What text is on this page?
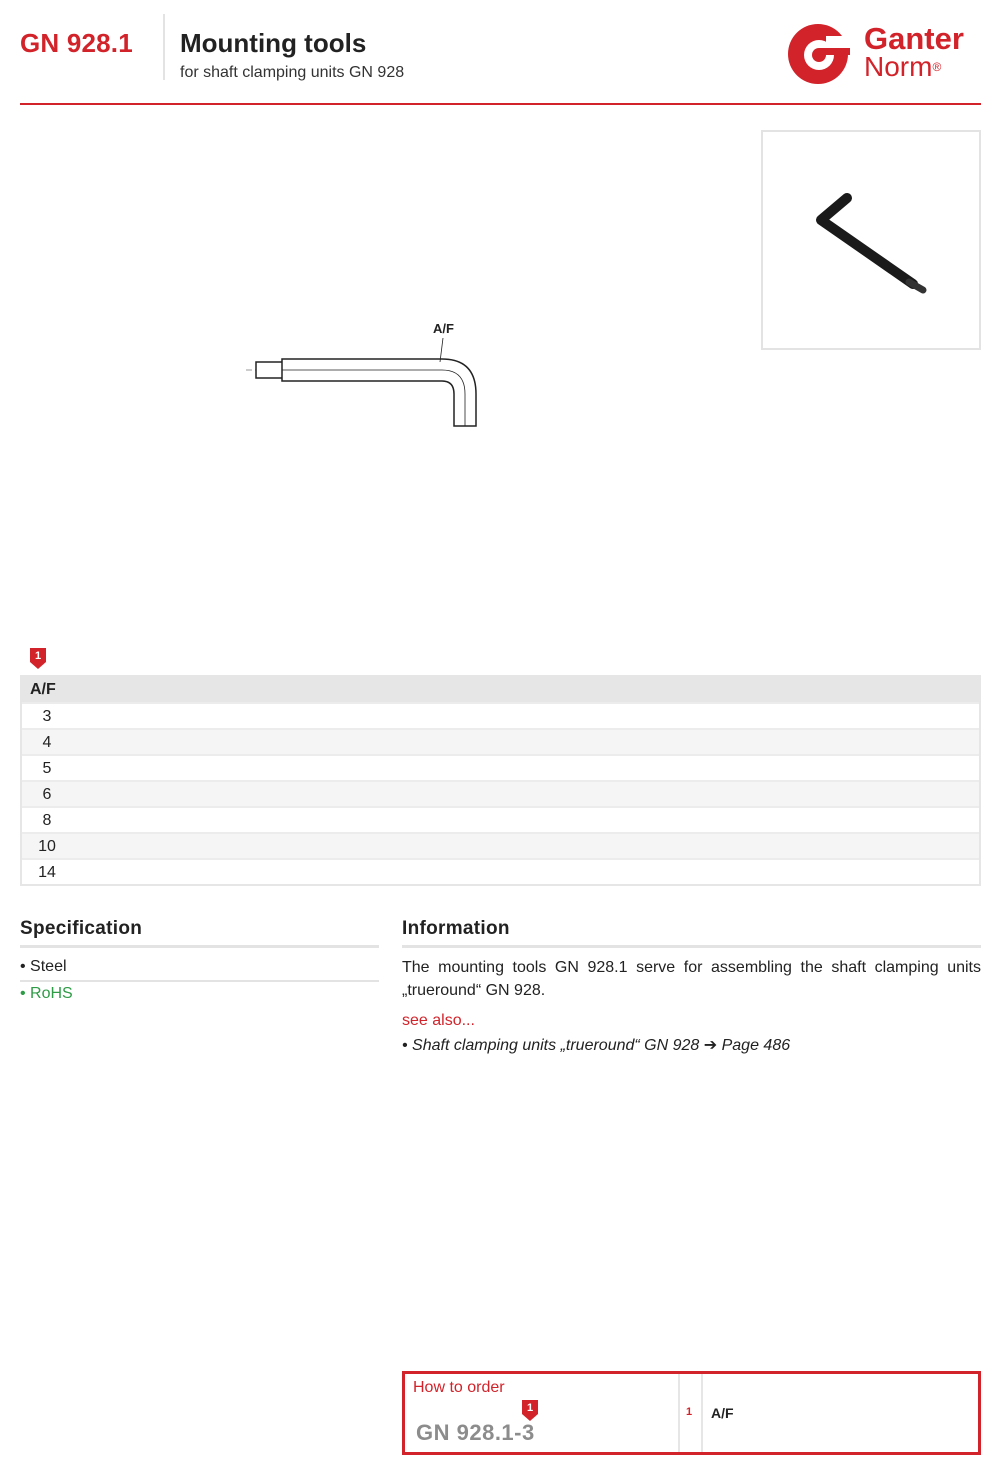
GN 928.1 Mounting tools
for shaft clamping units GN 928
Ganter
Norm®
A/F
1
A/F
3
4
5
6
8
10
14
Specification
• Steel
• RoHS
Information
The mounting tools GN 928.1 serve for assembling the shaft clamping units „trueround“ GN 928.
see also...
• Shaft clamping units „trueround“ GN 928 ➔ Page 486
How to order
1
GN 928.1-3
1 A/F
